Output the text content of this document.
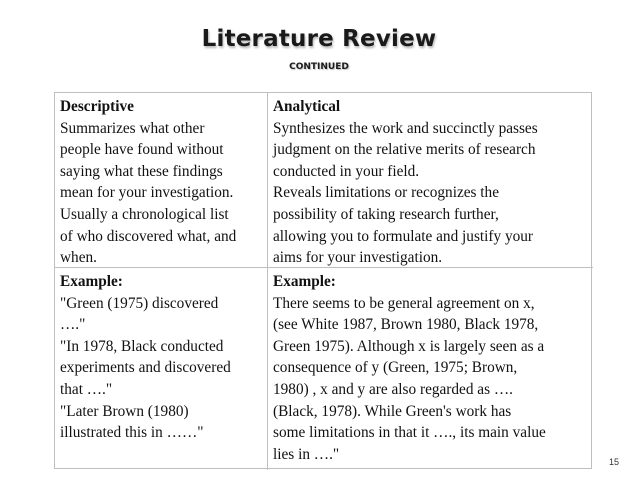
Literature Review
CONTINUED
Descriptive
Summarizes what other
people have found without
saying what these findings
mean for your investigation.
Usually a chronological list
of who discovered what, and
when.
Analytical
Synthesizes the work and succinctly passes
judgment on the relative merits of research
conducted in your field.
Reveals limitations or recognizes the
possibility of taking research further,
allowing you to formulate and justify your
aims for your investigation.
Example:
"Green (1975) discovered
…."
"In 1978, Black conducted
experiments and discovered
that …."
"Later Brown (1980)
illustrated this in ……"
Example:
There seems to be general agreement on x,
(see White 1987, Brown 1980, Black 1978,
Green 1975). Although x is largely seen as a
consequence of y (Green, 1975; Brown,
1980) , x and y are also regarded as ….
(Black, 1978). While Green's work has
some limitations in that it …., its main value
lies in …."	15
